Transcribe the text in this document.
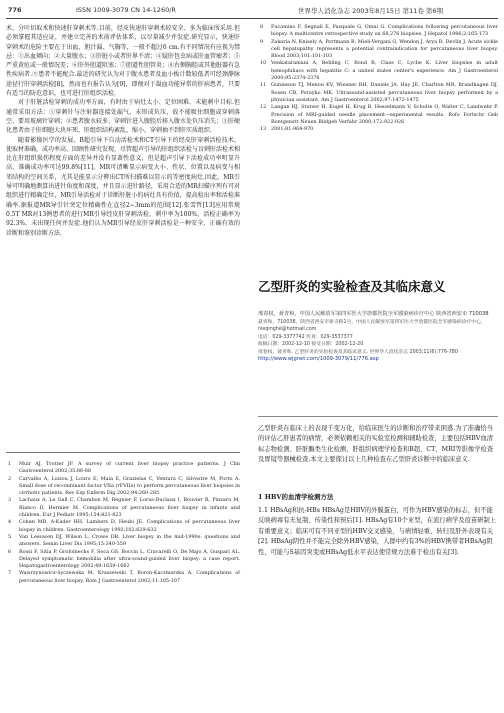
776	ISSN 1009-3079 CN 14-1260/R	世界华人消化杂志 2003年8月15日 第11卷 第6期

术、分叶切取术和快速肝穿刺术等.目前，经皮快速肝穿刺术较安全、多为临床所采用.但必须掌握其适应证，并建立完善的术前评估体系，以尽量减少并发症.研究显示，快速肝穿刺术的危险主要在于出血、胆汁漏、气胸等，一般不超过6 cm.有不同情况有应视为禁忌：①出血倾向；②大量腹水；③肝脏小或者肝界不清；④疑肝包虫病或肝血管瘤者；⑤严重黄疸或一般情况差；⑥肝外胆道阻塞；⑦胆道性胆管炎；⑧右侧胸腔或其他脏器有急性疾病者.⑨患者不能配合.最近的研究认为对于腹水患者及血小板计数较低者可经颈静脉途径行肝穿刺活检[8]，然而也有报告认为[9]，即便对于凝血功能异常的肝病患者，只要有适当的防范意识，也可进行肝组织活检.

对于肝脏活检穿刺的成功率方面，有时由于病灶太小、定位困难、未能刺中目标.但通常采用方法：①穿刺针与注射器连接处漏气，未形成负压，故不能吸住细胞或穿刺落空、要用玻璃针穿刺；②患者腹水较多、穿刺针进入腹腔后移入腹水处负压消失；③肝硬化患者由于肝细胞大块坏死，肝组织结构紊乱，缩小，穿刺抽不到肝实质组织.

随着影像医学的发展，B超引导下自动活检术和CT引导下的经皮肝穿刺活检技术，使取材准确，成功率高、回顾性研究发现，尽管超声引导的肝组织活检与盲刺肝活检术相比在肝组织损伤程度方面的差异并没有显著性意义，但是超声引导下活检成功率明显升高，准确成功率可达99.8%[11]。MR可清晰显示病变大小、性状、位置以及病变与相邻结构的空间关系，尤其是能显示分辨出CT所扫描难以显示的等密度病灶.因此，MR引导可明确地测算出进针角度和深度，并且显示进针路径，采用合适的MR扫描序列有可对组织进行精确定位，MR引导活检对于诊断肝脏小的病灶具有价值，提高检出率和活检准确率.据报道MR导引针突定位精确性在直径2~3mm的范围[12].张雪哲[13]应用常规0.5T MR对13例患者的进行MR引导经皮肝穿刺活检，刺中率为100%，活检正确率为92.3%，未出现任何并发症.他们认为MR引导经皮肝穿刺活检是一种安全、正确有效的诊断和鉴别诊断方法.

1	Muir AJ, Trotter JF. A survey of current liver biopsy practice patterns. J Clin Gastroenterol 2002;35:86-88
2	Carvalho A, Loizou J, Louro E, Maia E, Grazielas C, Ventura C, Silvestre M, Porto A. Small dose of recombinant factor VIIa (rFVIIa) to perform percutaneous liver biopsies in cirrhotic patients. Rev Esp Enferm Dig 2002;94:260-285
3	Lachaux A, Le Gall C, Chambon M, Regnier F, Loras-Duclaux I, Bouvier R, Pinzaru M, Bianco D, Hermier M. Complications of percutaneous liver biopsy in infants and children. Eur J Pediatr 1995;154:821-823
4	Cohen MB, A-Kader HH, Lambers D, Heubi JE. Complications of percutaneous liver biopsy in children. Gastroenterology 1992;102:629-632
5	Van Leeuwen DJ, Wilson L, Crowe DR. Liver biopsy in the mid-1990s: questions and answers. Semin Liver Dis 1995;15:340-359
6	Rossi F, Sitia P, Grofolnechs F, Soca GS, Boccin L, Cravarelli O, De Majo A, Guspari AL. Delayed symptomatic hemobilia after ultra-sound-guided liver biopsy: a case report. Hepatogastroenterology 2002;49:1659-1662
7	Wawrzynowicz-Syczewska M, Kraszewski T, Boron-Kaczmarska A. Complications of percutaneous liver biopsy. Rom J Gastroenterol 2002;11:105-107
8	Fucamino F, Segnali E, Pasquale G, Omni G. Complications following percutaneous liver biopsy. A multicentre retrospective study on 68,276 biopsies. J Hepatol 1986;2:165-173
9	Zakaria N, Knisely A, Portmann B, Mieli-Vergani G, Wendon J, Arya R, Devlin J. Acute sickle cell hepatopathy represents a potential contraindication for percutaneous liver biopsy. Blood 2003;101:101-103
10 Venkataramani A, Behling C, Rond R, Class C, Lyche K. Liver biopsies in adult hemophiliacs with hepatitis C: a united states center's experience. Am J Gastroenterol 2000;95:2374-2376
11 Gunneson TJ, Menon KV, Wiesner RH, Daniels JA, Hay JE, Charlton MR, Brandhagen DJ, Rosen CB, Porayko MK. Ultrasound-assisted percutaneous liver biopsy performed by a physician assistant. Am J Gastroenterol 2002;97:1472-1475
12 Langan HJ, Stutzer H, Kugel H, Krug B, Hesselmann V, Schulte O, Walter C, Landwehr P. Precision of MRI-guided needle placement—experimental results. Rofo Fortschr Geb Rontgenstr Neuen Bildgeb Verfahr 2000;172:922-926
13 2001;81:968-970
乙型肝炎的实验检查及其临床意义
邢春权，聂青和，中国人民解放军第四军医大学唐都医院全军感染病诊疗中心 陕西省西安市 710038
聂青和，710038，陕西省西安市新寺路1号，中国人民解放军第四军医大学唐都医院全军感染病诊疗中心，nieqinghe@hotmail.com
电话：029-3377742 传真：029-3537377
收稿日期：2002-12-10 接受日期：2002-12-20
邢春权，聂青和. 乙型肝炎的实验检查及其临床意义. 世界华人消化杂志 2003;11(6):776-780
http://www.wjgnet.com/1009-3079/11/776.asp
乙型肝炎在临床上的表现千变万化，给临床医生的诊断和治疗带来困惑.为了准确恰当的评估乙肝患者的病情，必须依赖相关的实验室检测和辅助检查，主要包括HBV血清标志物检测、肝脏酶类生化检测、肝组织病理学检查和B超、CT、MRI等影像学检查及胃镜等器械检查.本文主要探讨以上几种检查在乙型肝炎诊断中的临床意义.
1 HBV的血清学检测方法
1.1 HBsAg和抗-HBs HBsAg是HBV的外膜蛋白，可作为HBV感染的标志，但不能反映病毒有无复制、传染性和预后[1]. HBsAg有10个亚型，在流行病学及疫苗研制上有重要意义；临床可有不同亚型的HBV交叉感染，与病情轻重、转归及肝外表现有关[2]. HBsAg阴性并不能完全除外HBV感染，人群中约有3%的HBV携带者HBsAg阴性，可能与S基因突变或HBsAg低水平表达使常规方法难于检出有关[3].
